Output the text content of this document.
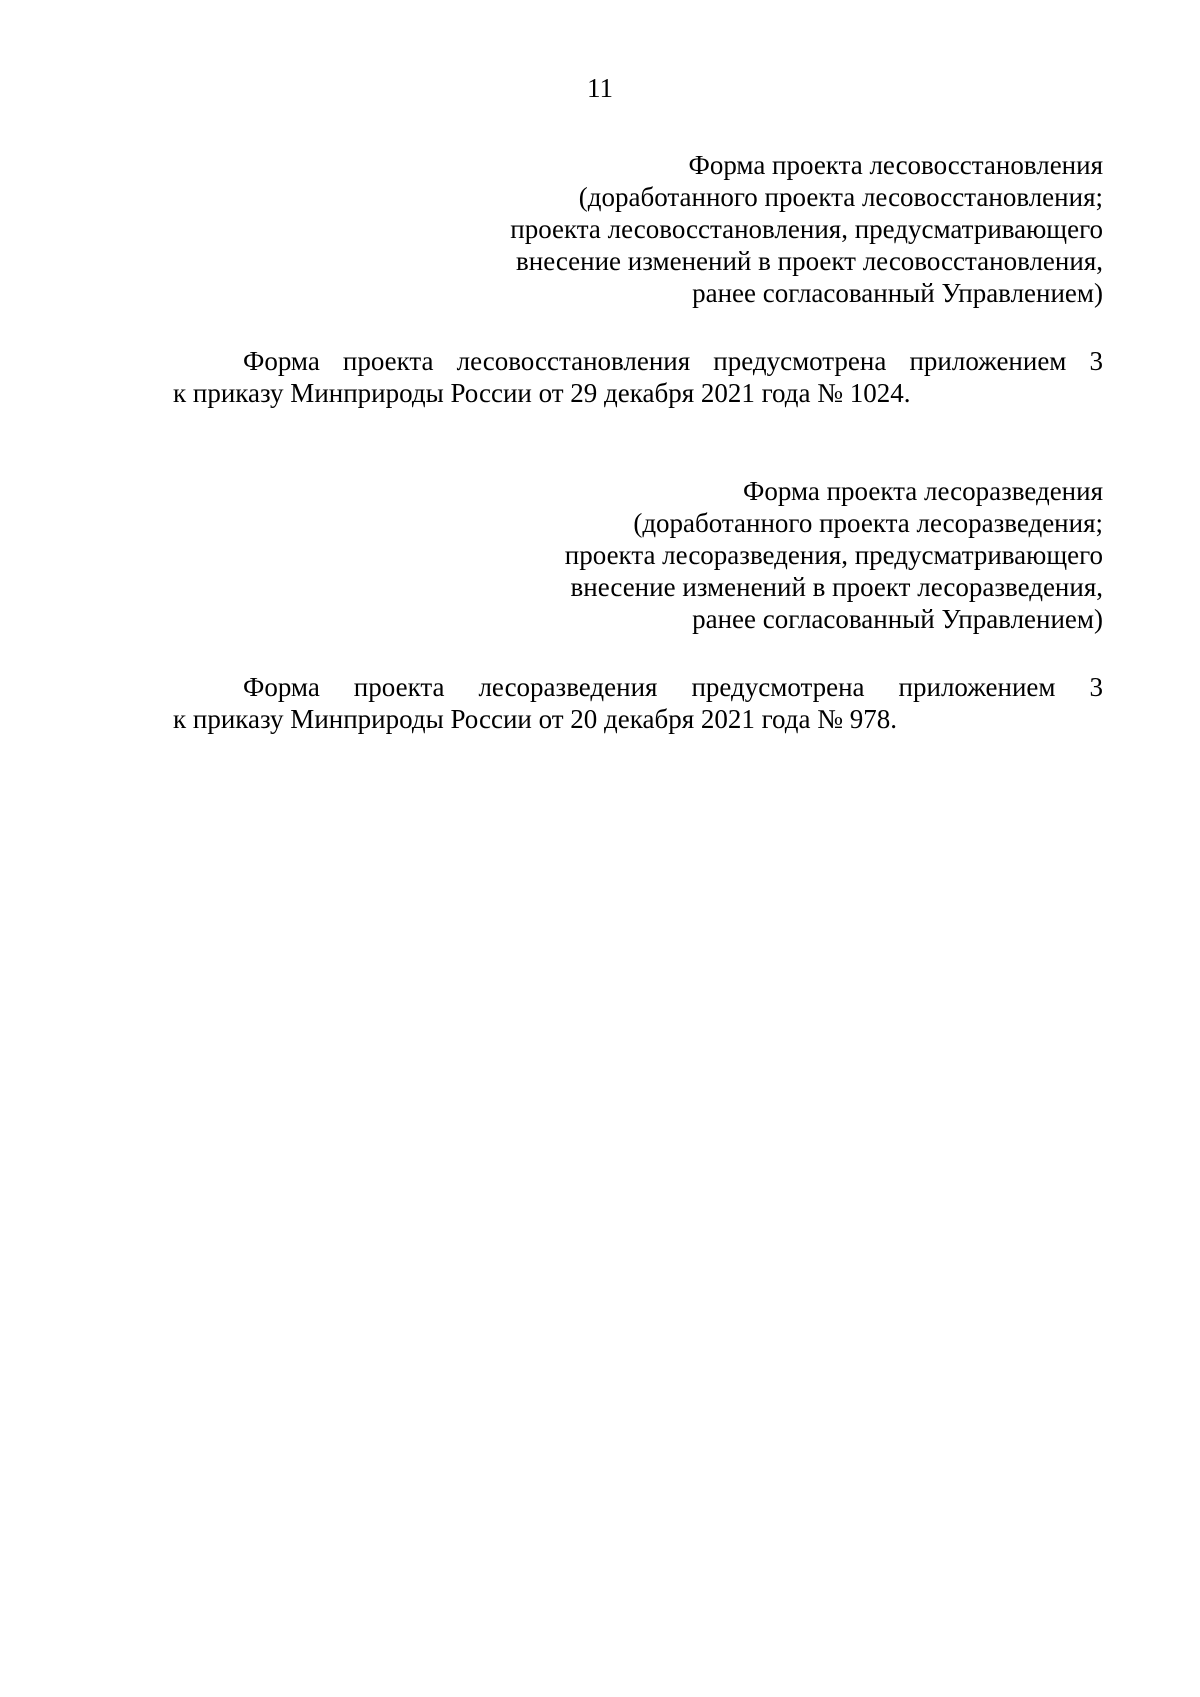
11
Форма проекта лесовосстановления
(доработанного проекта лесовосстановления;
проекта лесовосстановления, предусматривающего
внесение изменений в проект лесовосстановления,
ранее согласованный Управлением)
Форма проекта лесовосстановления предусмотрена приложением 3
к приказу Минприроды России от 29 декабря 2021 года № 1024.
Форма проекта лесоразведения
(доработанного проекта лесоразведения;
проекта лесоразведения, предусматривающего
внесение изменений в проект лесоразведения,
ранее согласованный Управлением)
Форма проекта лесоразведения предусмотрена приложением 3
к приказу Минприроды России от 20 декабря 2021 года № 978.
